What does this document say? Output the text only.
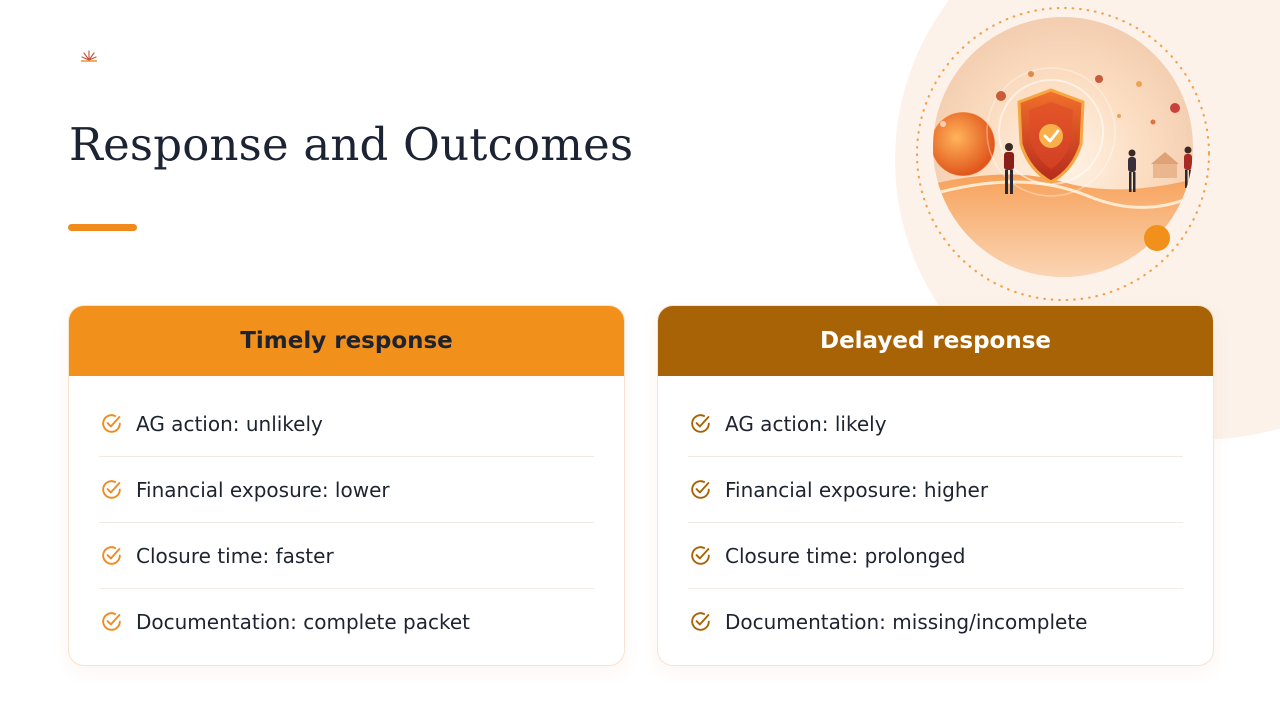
Response and Outcomes
Timely response
AG action: unlikely
Financial exposure: lower
Closure time: faster
Documentation: complete packet
Delayed response
AG action: likely
Financial exposure: higher
Closure time: prolonged
Documentation: missing/incomplete
